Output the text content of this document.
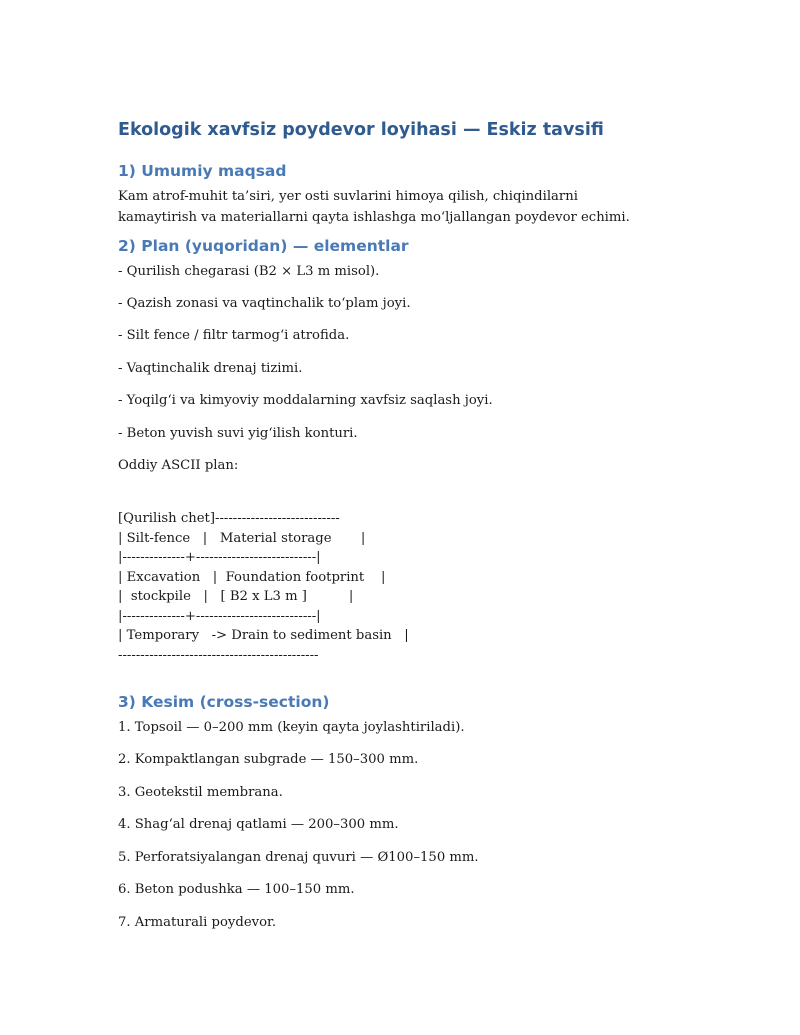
Ekologik xavfsiz poydevor loyihasi — Eskiz tavsifi
1) Umumiy maqsad

Kam atrof-muhit ta’siri, yer osti suvlarini himoya qilish, chiqindilarni kamaytirish va materiallarni qayta ishlashga mo‘ljallangan poydevor echimi.

2) Plan (yuqoridan) — elementlar

- Qurilish chegarasi (B2 × L3 m misol).

- Qazish zonasi va vaqtinchalik to‘plam joyi.

- Silt fence / filtr tarmog‘i atrofida.

- Vaqtinchalik drenaj tizimi.

- Yoqilg‘i va kimyoviy moddalarning xavfsiz saqlash joyi.

- Beton yuvish suvi yig‘ilish konturi.

Oddiy ASCII plan:

[Qurilish chet]----------------------------
| Silt-fence   |   Material storage       |
|--------------+---------------------------|
| Excavation   |  Foundation footprint    |
|  stockpile   |   [ B2 x L3 m ]          |
|--------------+---------------------------|
| Temporary   -> Drain to sediment basin   |
---------------------------------------------
3) Kesim (cross-section)

1. Topsoil — 0–200 mm (keyin qayta joylashtiriladi).

2. Kompaktlangan subgrade — 150–300 mm.

3. Geotekstil membrana.

4. Shag‘al drenaj qatlami — 200–300 mm.

5. Perforatsiyalangan drenaj quvuri — Ø100–150 mm.

6. Beton podushka — 100–150 mm.

7. Armaturali poydevor.
